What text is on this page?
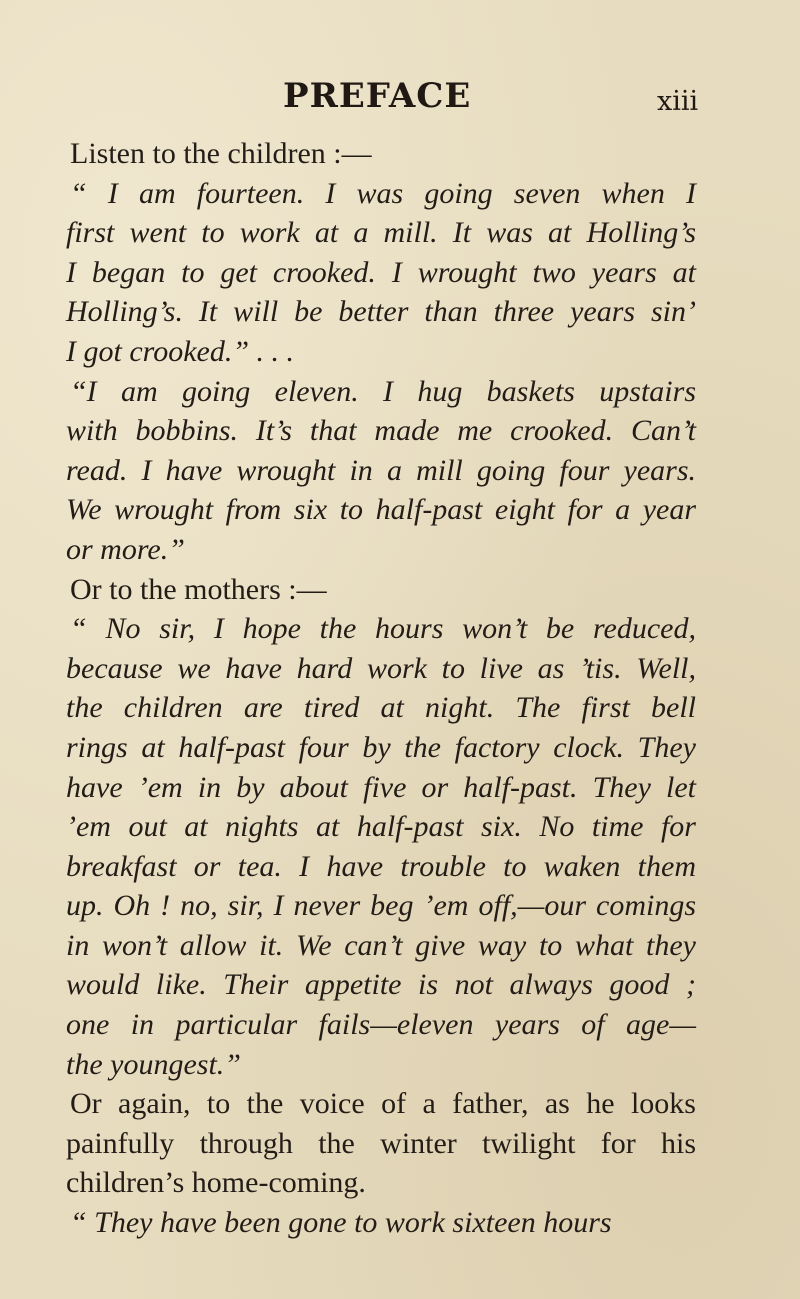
PREFACE	xiii
Listen to the children :—
“ I am fourteen. I was going seven when I
first went to work at a mill. It was at Holling’s
I began to get crooked. I wrought two years at
Holling’s. It will be better than three years sin’
I got crooked.” . . .
“I am going eleven. I hug baskets upstairs
with bobbins. It’s that made me crooked. Can’t
read. I have wrought in a mill going four years.
We wrought from six to half-past eight for a year
or more.”
Or to the mothers :—
“ No sir, I hope the hours won’t be reduced,
because we have hard work to live as ’tis. Well,
the children are tired at night. The first bell
rings at half-past four by the factory clock. They
have ’em in by about five or half-past. They let
’em out at nights at half-past six. No time for
breakfast or tea. I have trouble to waken them
up. Oh ! no, sir, I never beg ’em off,—our comings
in won’t allow it. We can’t give way to what they
would like. Their appetite is not always good ;
one in particular fails—eleven years of age—
the youngest.”
Or again, to the voice of a father, as he looks
painfully through the winter twilight for his
children’s home-coming.
“ They have been gone to work sixteen hours
